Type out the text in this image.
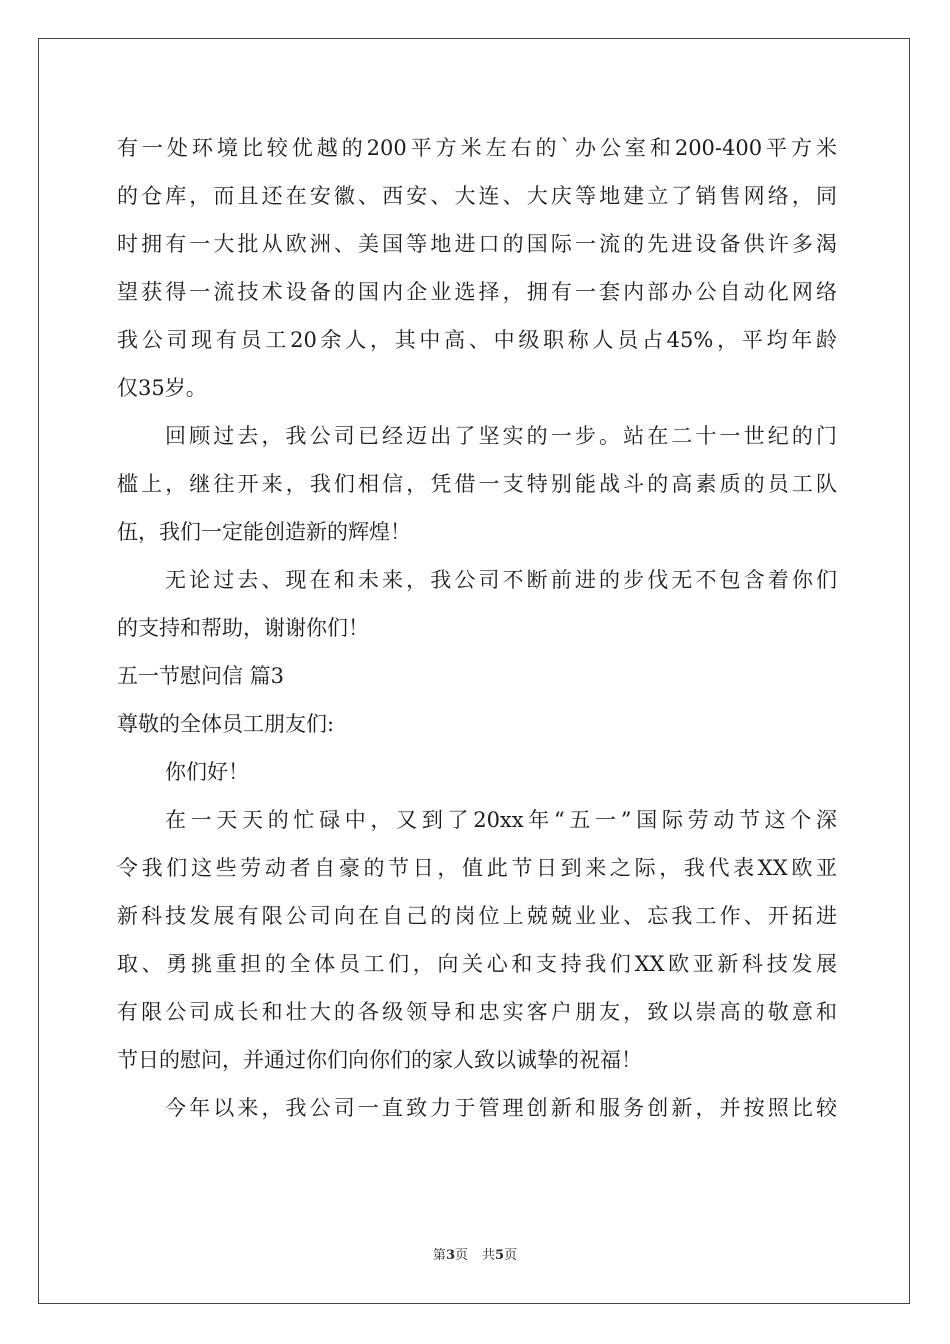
有一处环境比较优越的200平方米左右的`办公室和200-400平方米
的仓库，而且还在安徽、西安、大连、大庆等地建立了销售网络，同
时拥有一大批从欧洲、美国等地进口的国际一流的先进设备供许多渴
望获得一流技术设备的国内企业选择，拥有一套内部办公自动化网络
我公司现有员工20余人，其中高、中级职称人员占45%，平均年龄
仅35岁。
回顾过去，我公司已经迈出了坚实的一步。站在二十一世纪的门
槛上，继往开来，我们相信，凭借一支特别能战斗的高素质的员工队
伍，我们一定能创造新的辉煌！
无论过去、现在和未来，我公司不断前进的步伐无不包含着你们
的支持和帮助，谢谢你们！
五一节慰问信 篇3
尊敬的全体员工朋友们:
你们好！
在一天天的忙碌中，又到了20xx年“五一”国际劳动节这个深
令我们这些劳动者自豪的节日，值此节日到来之际，我代表XX欧亚
新科技发展有限公司向在自己的岗位上兢兢业业、忘我工作、开拓进
取、勇挑重担的全体员工们，向关心和支持我们XX欧亚新科技发展
有限公司成长和壮大的各级领导和忠实客户朋友，致以崇高的敬意和
节日的慰问，并通过你们向你们的家人致以诚挚的祝福！
今年以来，我公司一直致力于管理创新和服务创新，并按照比较
第3页 共5页
